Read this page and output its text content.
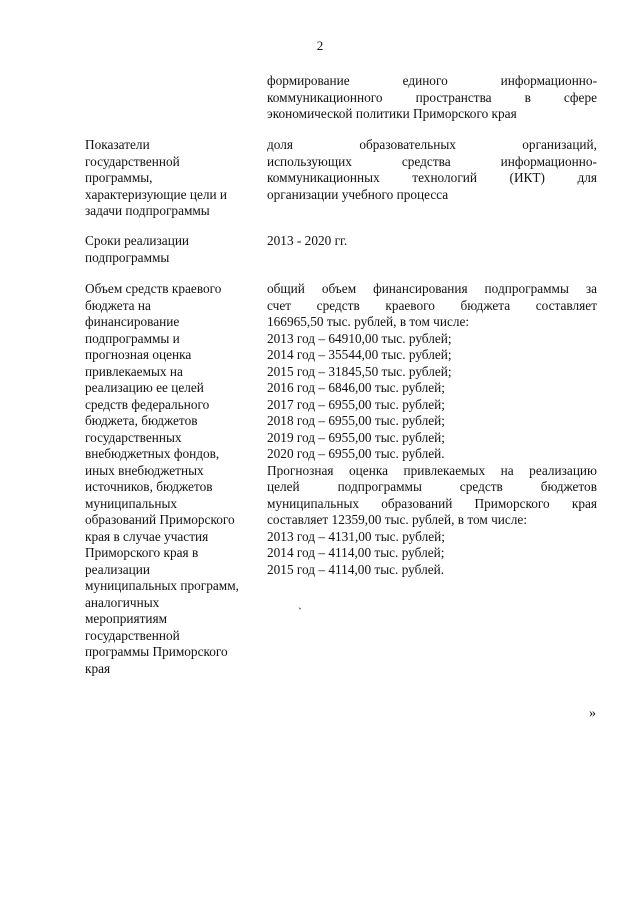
2
формирование единого информационно-
коммуникационного пространства в сфере
экономической политики Приморского края
Показатели
государственной
программы,
характеризующие цели и
задачи подпрограммы
доля образовательных организаций,
использующих средства информационно-
коммуникационных технологий (ИКТ) для
организации учебного процесса
Сроки реализации
подпрограммы
2013 - 2020 гг.
Объем средств краевого
бюджета на
финансирование
подпрограммы и
прогнозная оценка
привлекаемых на
реализацию ее целей
средств федерального
бюджета, бюджетов
государственных
внебюджетных фондов,
иных внебюджетных
источников, бюджетов
муниципальных
образований Приморского
края в случае участия
Приморского края в
реализации
муниципальных программ,
аналогичных
мероприятиям
государственной
программы Приморского
края
общий объем финансирования подпрограммы за
счет средств краевого бюджета составляет
166965,50 тыс. рублей, в том числе:
2013 год – 64910,00 тыс. рублей;
2014 год – 35544,00 тыс. рублей;
2015 год – 31845,50 тыс. рублей;
2016 год – 6846,00 тыс. рублей;
2017 год – 6955,00 тыс. рублей;
2018 год – 6955,00 тыс. рублей;
2019 год – 6955,00 тыс. рублей;
2020 год – 6955,00 тыс. рублей.
Прогнозная оценка привлекаемых на реализацию
целей подпрограммы средств бюджетов
муниципальных образований Приморского края
составляет 12359,00 тыс. рублей, в том числе:
2013 год – 4131,00 тыс. рублей;
2014 год – 4114,00 тыс. рублей;
2015 год – 4114,00 тыс. рублей.
`
»
